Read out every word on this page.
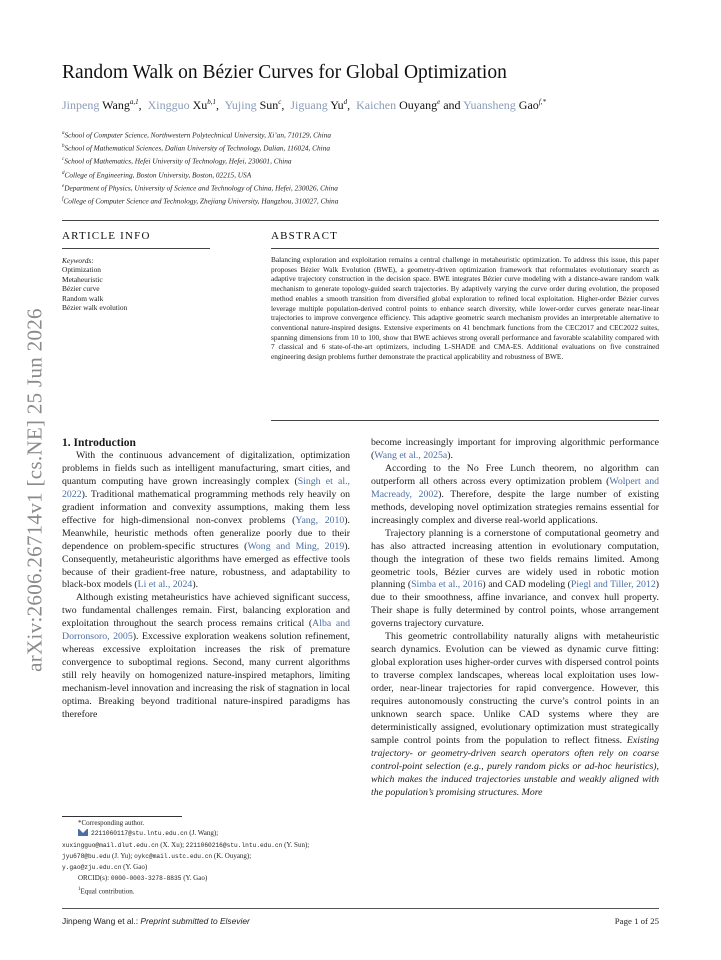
arXiv:2606.26714v1 [cs.NE] 25 Jun 2026
Random Walk on Bézier Curves for Global Optimization
Jinpeng Wang$^{a,1}$,  Xingguo Xu$^{b,1}$,  Yujing Sun$^c$,  Jiguang Yu$^d$,  Kaichen Ouyang$^e$ and Yuansheng Gao$^{f,*}$
$^a$School of Computer Science, Northwestern Polytechnical University, Xi’an, 710129, China
$^b$School of Mathematical Sciences, Dalian University of Technology, Dalian, 116024, China
$^c$School of Mathematics, Hefei University of Technology, Hefei, 230601, China
$^d$College of Engineering, Boston University, Boston, 02215, USA
$^e$Department of Physics, University of Science and Technology of China, Hefei, 230026, China
$^f$College of Computer Science and Technology, Zhejiang University, Hangzhou, 310027, China
ARTICLE INFO
Keywords:
Optimization
Metaheuristic
Bézier curve
Random walk
Bézier walk evolution
ABSTRACT
Balancing exploration and exploitation remains a central challenge in metaheuristic optimization. To address this issue, this paper proposes Bézier Walk Evolution (BWE), a geometry-driven optimization framework that reformulates evolutionary search as adaptive trajectory construction in the decision space. BWE integrates Bézier curve modeling with a distance-aware random walk mechanism to generate topology-guided search trajectories. By adaptively varying the curve order during evolution, the proposed method enables a smooth transition from diversified global exploration to refined local exploitation. Higher-order Bézier curves leverage multiple population-derived control points to enhance search diversity, while lower-order curves generate near-linear trajectories to improve convergence efficiency. This adaptive geometric search mechanism provides an interpretable alternative to conventional nature-inspired designs. Extensive experiments on 41 benchmark functions from the CEC2017 and CEC2022 suites, spanning dimensions from 10 to 100, show that BWE achieves strong overall performance and favorable scalability compared with 7 classical and 6 state-of-the-art optimizers, including L-SHADE and CMA-ES. Additional evaluations on five constrained engineering design problems further demonstrate the practical applicability and robustness of BWE.

1. Introduction

With the continuous advancement of digitalization, optimization problems in fields such as intelligent manufacturing, smart cities, and quantum computing have grown increasingly complex (Singh et al., 2022). Traditional mathematical programming methods rely heavily on gradient information and convexity assumptions, making them less effective for high-dimensional non-convex problems (Yang, 2010). Meanwhile, heuristic methods often generalize poorly due to their dependence on problem-specific structures (Wong and Ming, 2019). Consequently, metaheuristic algorithms have emerged as effective tools because of their gradient-free nature, robustness, and adaptability to black-box models (Li et al., 2024).

Although existing metaheuristics have achieved significant success, two fundamental challenges remain. First, balancing exploration and exploitation throughout the search process remains critical (Alba and Dorronsoro, 2005). Excessive exploration weakens solution refinement, whereas excessive exploitation increases the risk of premature convergence to suboptimal regions. Second, many current algorithms still rely heavily on homogenized nature-inspired metaphors, limiting mechanism-level innovation and increasing the risk of stagnation in local optima. Breaking beyond traditional nature-inspired paradigms has therefore

become increasingly important for improving algorithmic performance (Wang et al., 2025a).

According to the No Free Lunch theorem, no algorithm can outperform all others across every optimization problem (Wolpert and Macready, 2002). Therefore, despite the large number of existing methods, developing novel optimization strategies remains essential for increasingly complex and diverse real-world applications.

Trajectory planning is a cornerstone of computational geometry and has also attracted increasing attention in evolutionary computation, though the integration of these two fields remains limited. Among geometric tools, Bézier curves are widely used in robotic motion planning (Simba et al., 2016) and CAD modeling (Piegl and Tiller, 2012) due to their smoothness, affine invariance, and convex hull property. Their shape is fully determined by control points, whose arrangement governs trajectory curvature.

This geometric controllability naturally aligns with metaheuristic search dynamics. Evolution can be viewed as dynamic curve fitting: global exploration uses higher-order curves with dispersed control points to traverse complex landscapes, whereas local exploitation uses low-order, near-linear trajectories for rapid convergence. However, this requires autonomously constructing the curve’s control points in an unknown search space. Unlike CAD systems where they are deterministically assigned, evolutionary optimization must strategically sample control points from the population to reflect fitness. Existing trajectory- or geometry-driven search operators often rely on coarse control-point selection (e.g., purely random picks or ad-hoc heuristics), which makes the induced trajectories unstable and weakly aligned with the population’s promising structures. More

*Corresponding author.
2211060117@stu.lntu.edu.cn (J. Wang);
xuxingguo@mail.dlut.edu.cn (X. Xu); 2211060216@stu.lntu.edu.cn (Y. Sun);
jyu678@bu.edu (J. Yu); oykc@mail.ustc.edu.cn (K. Ouyang);
y.gao@zju.edu.cn (Y. Gao)
ORCID(s): 0000-0003-3278-8835 (Y. Gao)
$^1$Equal contribution.
Jinpeng Wang et al.: Preprint submitted to Elsevier	Page 1 of 25
